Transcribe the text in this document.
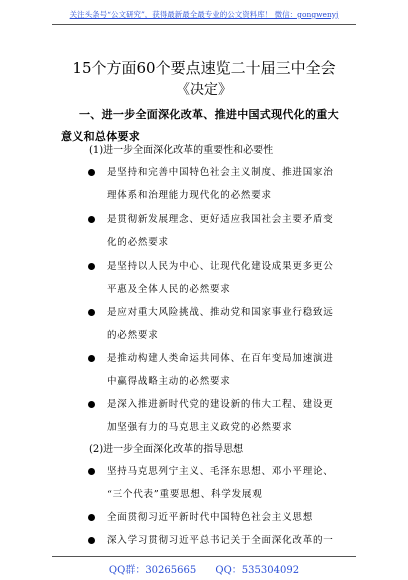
关注头条号“公文研究”，获得最新最全最专业的公文资料库！ 微信：gongwenyj
15个方面60个要点速览二十届三中全会
《决定》
一、进一步全面深化改革、推进中国式现代化的重大
意义和总体要求
(1)进一步全面深化改革的重要性和必要性
是坚持和完善中国特色社会主义制度、推进国家治
理体系和治理能力现代化的必然要求
是贯彻新发展理念、更好适应我国社会主要矛盾变
化的必然要求
是坚持以人民为中心、让现代化建设成果更多更公
平惠及全体人民的必然要求
是应对重大风险挑战、推动党和国家事业行稳致远
的必然要求
是推动构建人类命运共同体、在百年变局加速演进
中赢得战略主动的必然要求
是深入推进新时代党的建设新的伟大工程、建设更
加坚强有力的马克思主义政党的必然要求
(2)进一步全面深化改革的指导思想
坚持马克思列宁主义、毛泽东思想、邓小平理论、
“三个代表”重要思想、科学发展观
全面贯彻习近平新时代中国特色社会主义思想
深入学习贯彻习近平总书记关于全面深化改革的一
QQ群：30265665 QQ：535304092
